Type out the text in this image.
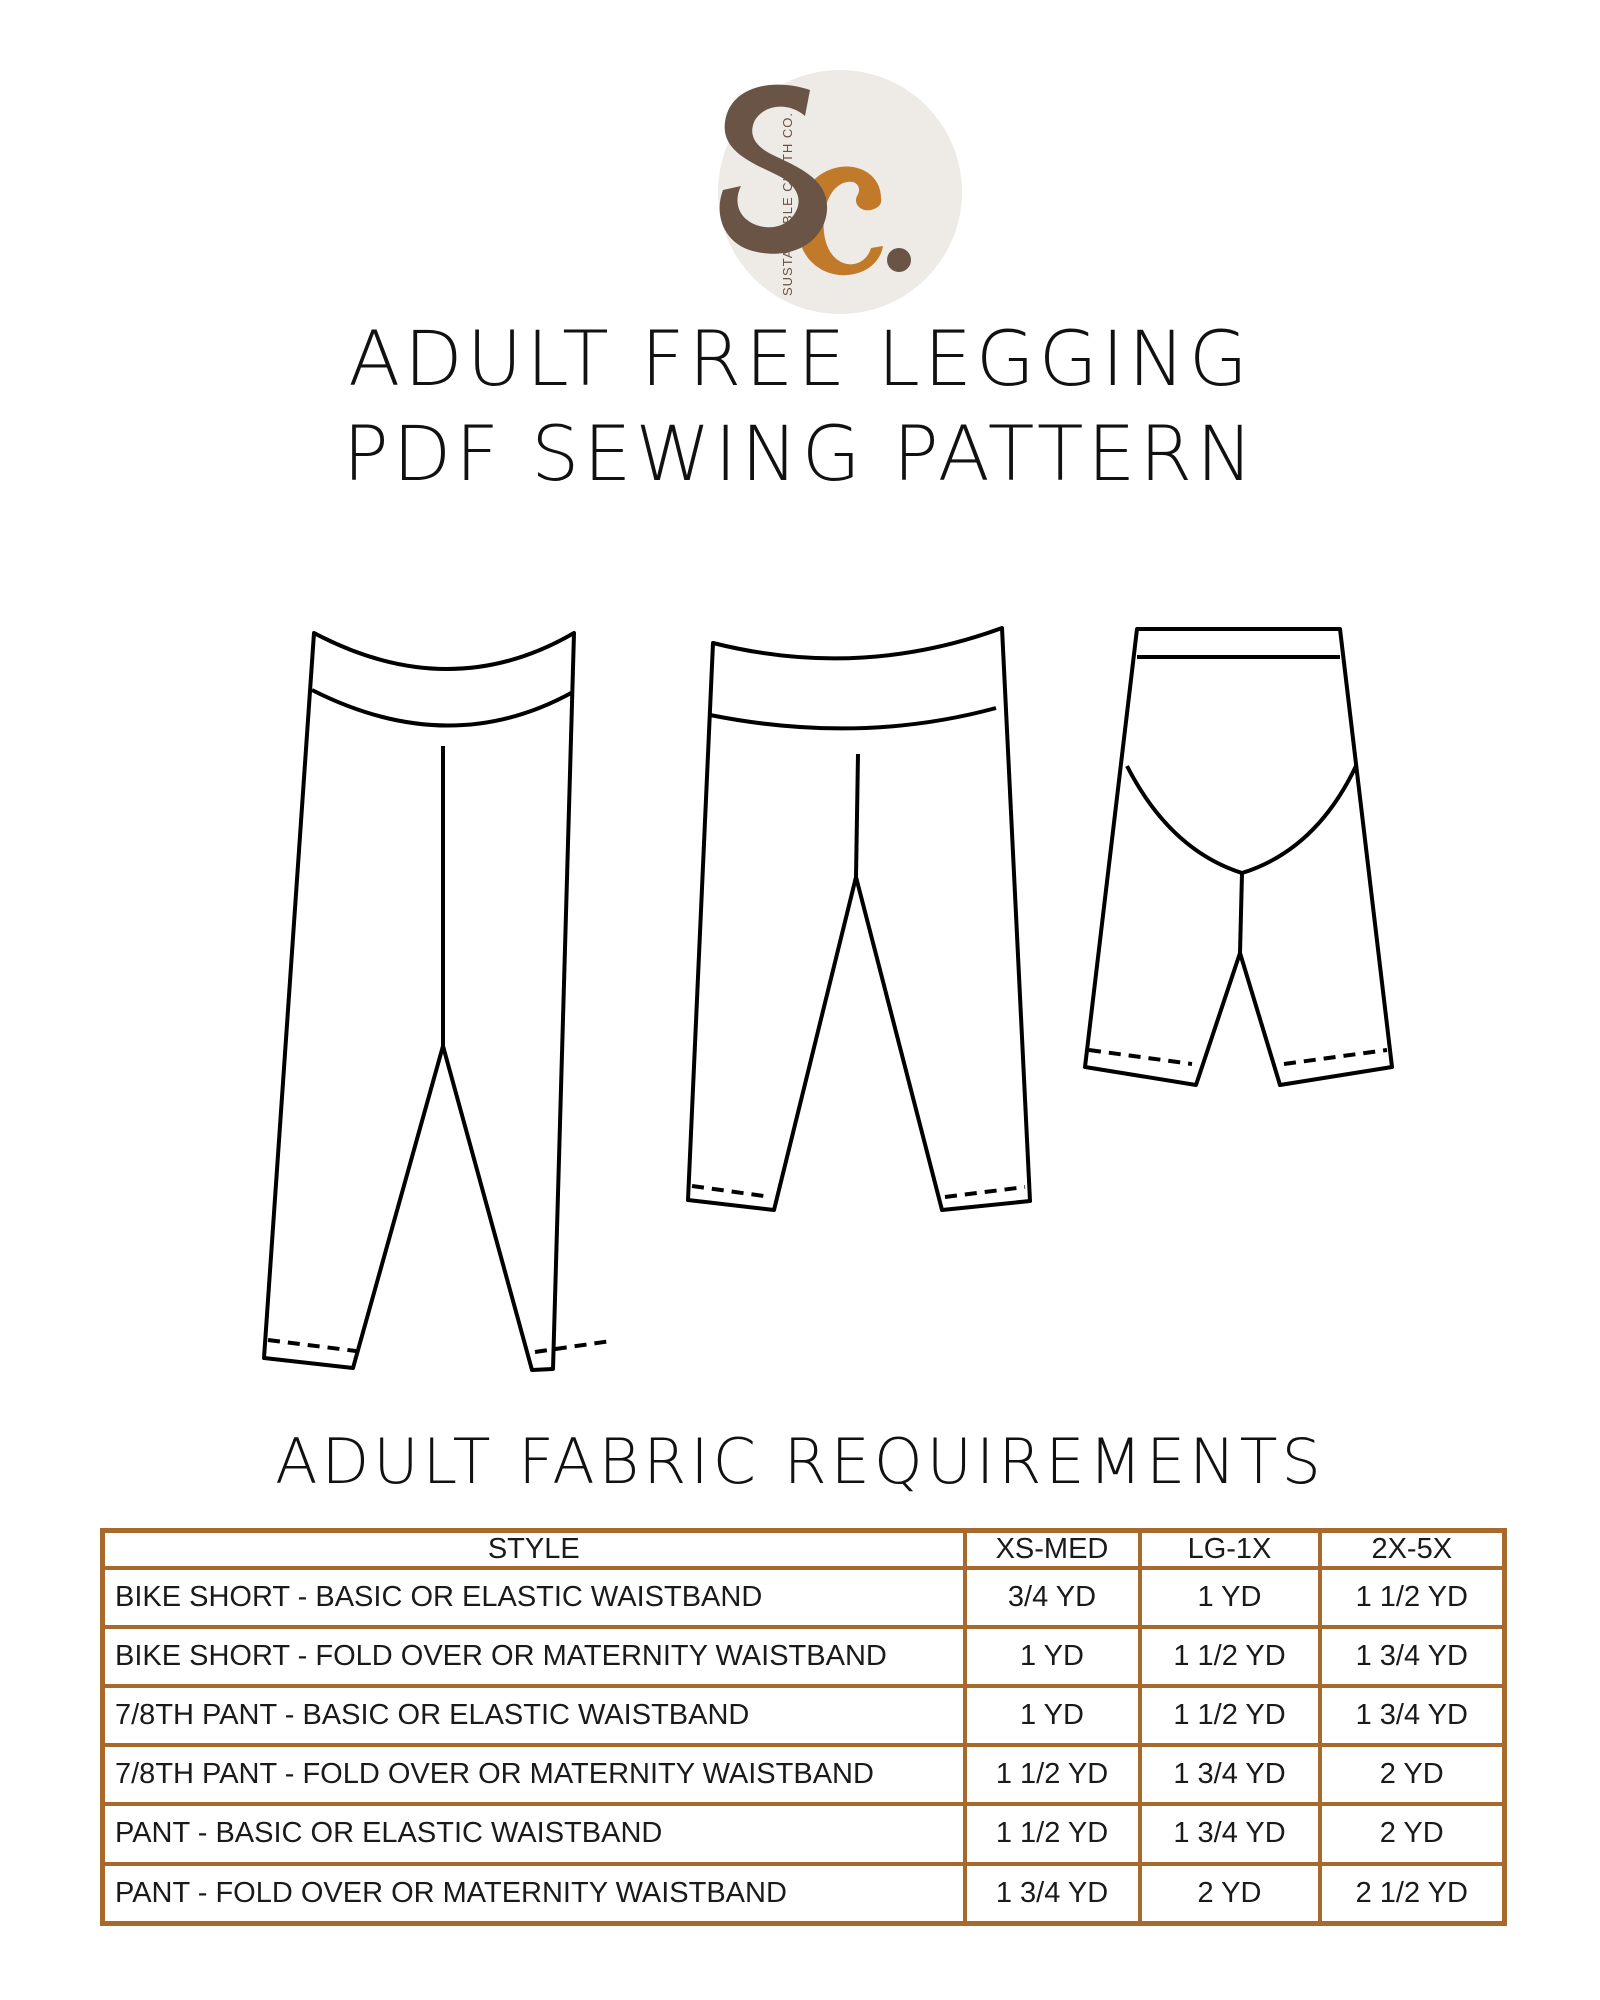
SUSTAINABLE CLOTH CO.
ADULT FREE LEGGING
PDF SEWING PATTERN
ADULT FABRIC REQUIREMENTS
STYLE	XS-MED	LG-1X	2X-5X
BIKE SHORT - BASIC OR ELASTIC WAISTBAND	3/4 YD	1 YD	1 1/2 YD
BIKE SHORT - FOLD OVER OR MATERNITY WAISTBAND	1 YD	1 1/2 YD	1 3/4 YD
7/8TH PANT - BASIC OR ELASTIC WAISTBAND	1 YD	1 1/2 YD	1 3/4 YD
7/8TH PANT - FOLD OVER OR MATERNITY WAISTBAND	1 1/2 YD	1 3/4 YD	2 YD
PANT - BASIC OR ELASTIC WAISTBAND	1 1/2 YD	1 3/4 YD	2 YD
PANT - FOLD OVER OR MATERNITY WAISTBAND	1 3/4 YD	2 YD	2 1/2 YD
